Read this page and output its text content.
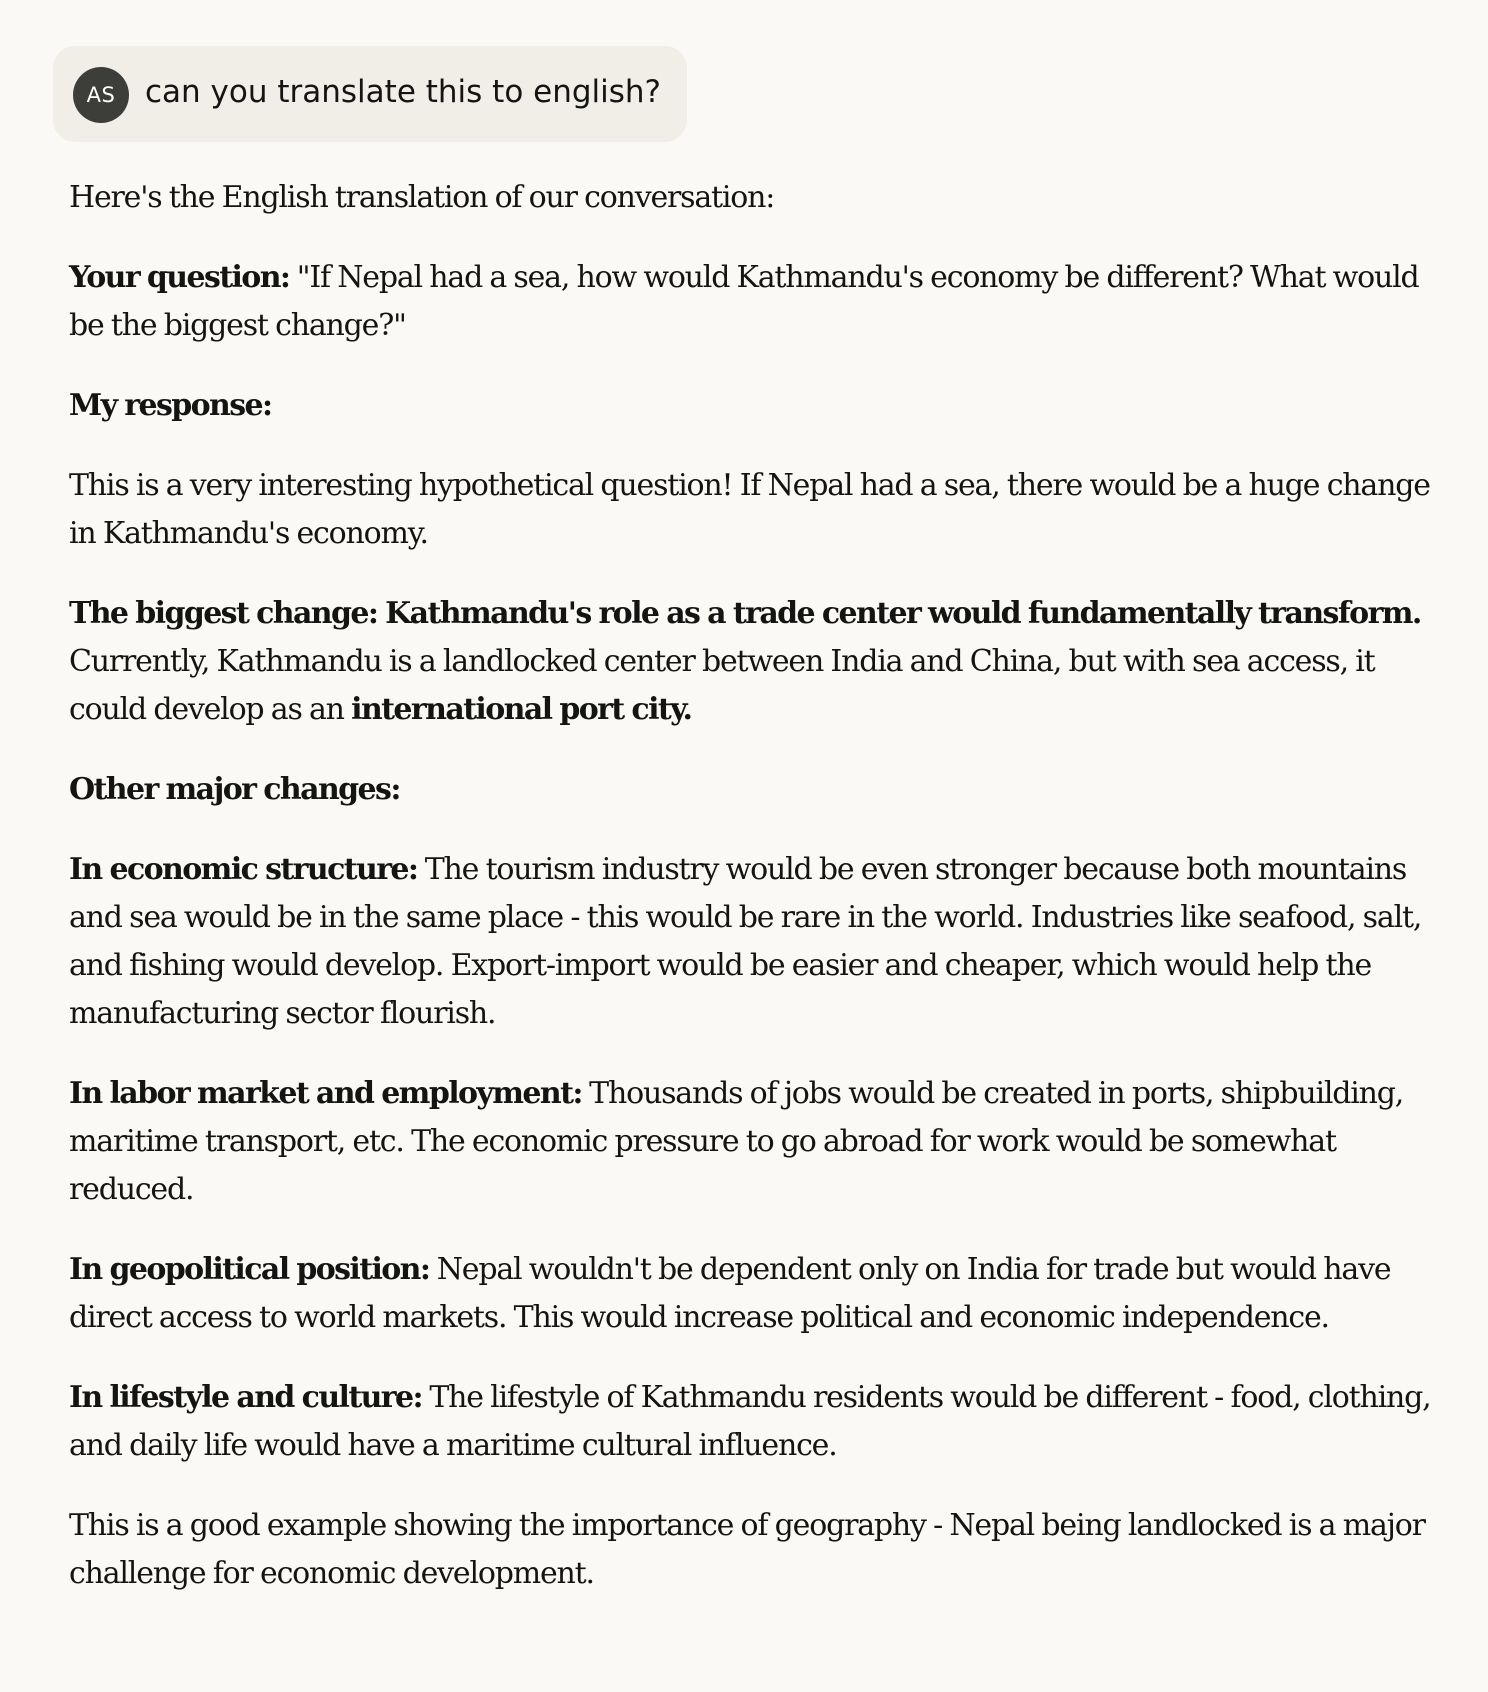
AS can you translate this to english?

Here's the English translation of our conversation:

Your question: "If Nepal had a sea, how would Kathmandu's economy be different? What would be the biggest change?"

My response:

This is a very interesting hypothetical question! If Nepal had a sea, there would be a huge change in Kathmandu's economy.

The biggest change: Kathmandu's role as a trade center would fundamentally transform. Currently, Kathmandu is a landlocked center between India and China, but with sea access, it could develop as an international port city.

Other major changes:

In economic structure: The tourism industry would be even stronger because both mountains and sea would be in the same place - this would be rare in the world. Industries like seafood, salt, and fishing would develop. Export-import would be easier and cheaper, which would help the manufacturing sector flourish.

In labor market and employment: Thousands of jobs would be created in ports, shipbuilding, maritime transport, etc. The economic pressure to go abroad for work would be somewhat reduced.

In geopolitical position: Nepal wouldn't be dependent only on India for trade but would have direct access to world markets. This would increase political and economic independence.

In lifestyle and culture: The lifestyle of Kathmandu residents would be different - food, clothing, and daily life would have a maritime cultural influence.

This is a good example showing the importance of geography - Nepal being landlocked is a major challenge for economic development.
